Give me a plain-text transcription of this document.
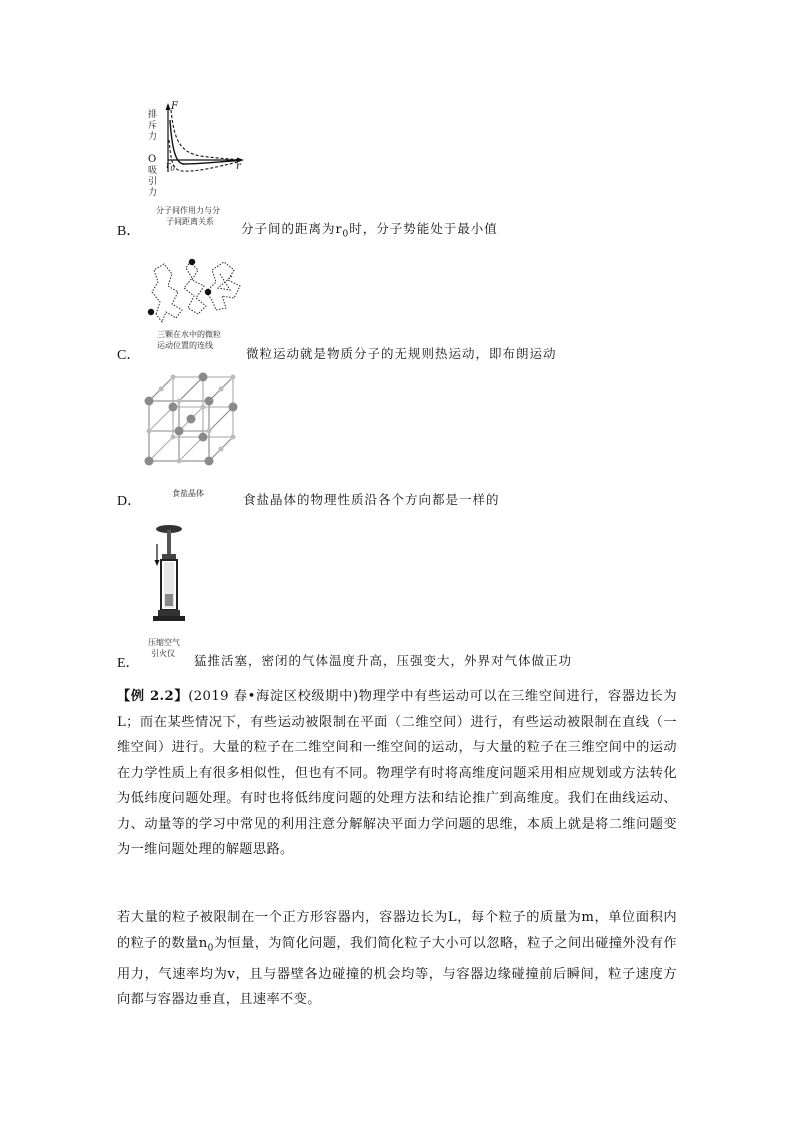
F
r
排
斥
力
O
$r_0$
吸
引
力
分子间作用力与分
子间距离关系
B．	分子间的距离为$r_0$时，分子势能处于最小值
三颗在水中的微粒
运动位置的连线
C．	微粒运动就是物质分子的无规则热运动，即布朗运动
食盐晶体
D．	食盐晶体的物理性质沿各个方向都是一样的
压缩空气
引火仪
E．	猛推活塞，密闭的气体温度升高，压强变大，外界对气体做正功

【例 2.2】(2019 春•海淀区校级期中)物理学中有些运动可以在三维空间进行，容器边长为L；而在某些情况下，有些运动被限制在平面（二维空间）进行，有些运动被限制在直线（一维空间）进行。大量的粒子在二维空间和一维空间的运动，与大量的粒子在三维空间中的运动在力学性质上有很多相似性，但也有不同。物理学有时将高维度问题采用相应规划或方法转化为低纬度问题处理。有时也将低纬度问题的处理方法和结论推广到高维度。我们在曲线运动、力、动量等的学习中常见的利用注意分解解决平面力学问题的思维，本质上就是将二维问题变为一维问题处理的解题思路。

若大量的粒子被限制在一个正方形容器内，容器边长为L，每个粒子的质量为m，单位面积内的粒子的数量$n_0$为恒量，为简化问题，我们简化粒子大小可以忽略，粒子之间出碰撞外没有作用力，气速率均为v，且与器壁各边碰撞的机会均等，与容器边缘碰撞前后瞬间，粒子速度方向都与容器边垂直，且速率不变。
